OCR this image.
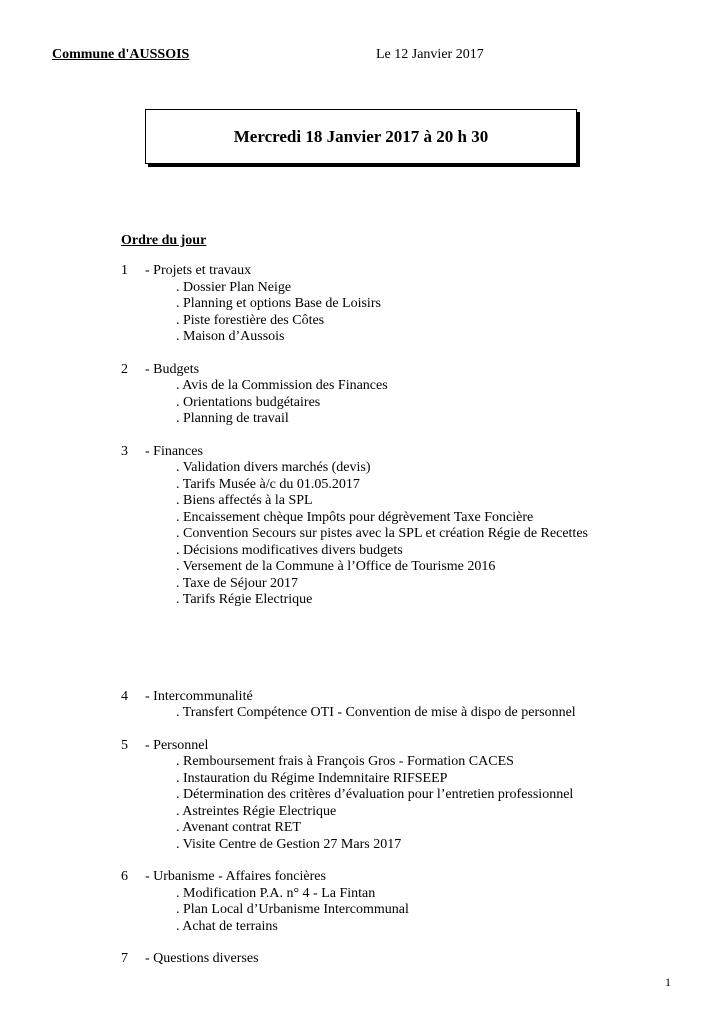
Commune d'AUSSOIS	Le 12 Janvier 2017
Mercredi 18 Janvier 2017 à 20 h 30
Ordre du jour
1	- Projets et travaux
. Dossier Plan Neige
. Planning et options Base de Loisirs
. Piste forestière des Côtes
. Maison d’Aussois
2	- Budgets
. Avis de la Commission des Finances
. Orientations budgétaires
. Planning de travail
3	- Finances
. Validation divers marchés (devis)
. Tarifs Musée à/c du 01.05.2017
. Biens affectés à la SPL
. Encaissement chèque Impôts pour dégrèvement Taxe Foncière
. Convention Secours sur pistes avec la SPL et création Régie de Recettes
. Décisions modificatives divers budgets
. Versement de la Commune à l’Office de Tourisme 2016
. Taxe de Séjour 2017
. Tarifs Régie Electrique
4	- Intercommunalité
. Transfert Compétence OTI - Convention de mise à dispo de personnel
5	- Personnel
. Remboursement frais à François Gros - Formation CACES
. Instauration du Régime Indemnitaire RIFSEEP
. Détermination des critères d’évaluation pour l’entretien professionnel
. Astreintes Régie Electrique
. Avenant contrat RET
. Visite Centre de Gestion 27 Mars 2017
6	- Urbanisme - Affaires foncières
. Modification P.A. n° 4 - La Fintan
. Plan Local d’Urbanisme Intercommunal
. Achat de terrains
7	- Questions diverses
1
